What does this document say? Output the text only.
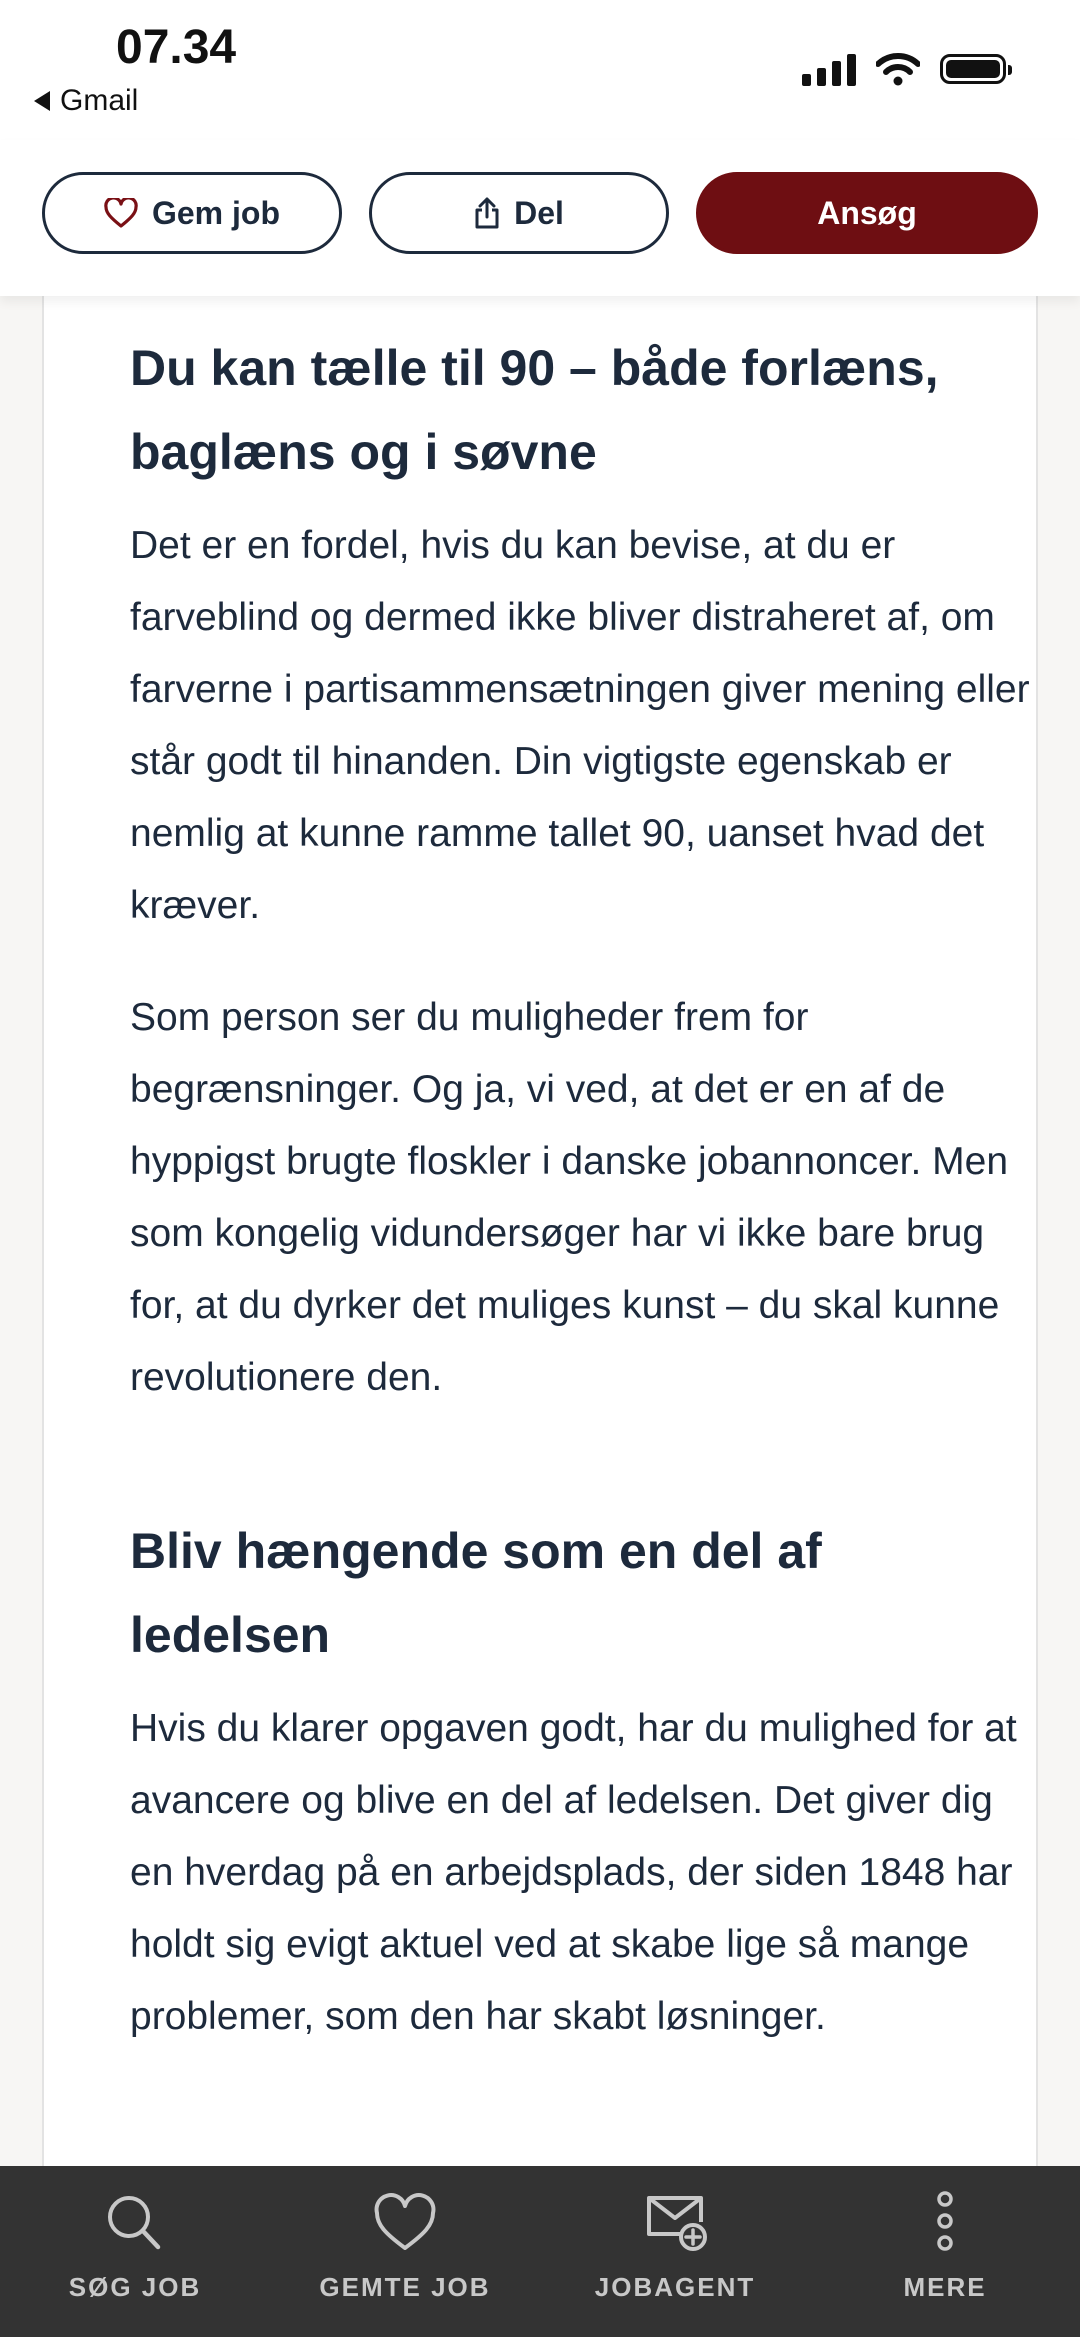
07.34
Gmail
Gem job	Del	Ansøg
Du kan tælle til 90 – både forlæns,
baglæns og i søvne

Det er en fordel, hvis du kan bevise, at du er farveblind og dermed ikke bliver distraheret af, om farverne i partisammensætningen giver mening eller står godt til hinanden. Din vigtigste egenskab er nemlig at kunne ramme tallet 90, uanset hvad det kræver.

Som person ser du muligheder frem for begrænsninger. Og ja, vi ved, at det er en af de hyppigst brugte floskler i danske jobannoncer. Men som kongelig vidundersøger har vi ikke bare brug for, at du dyrker det muliges kunst – du skal kunne revolutionere den.

Bliv hængende som en del af
ledelsen

Hvis du klarer opgaven godt, har du mulighed for at avancere og blive en del af ledelsen. Det giver dig en hverdag på en arbejdsplads, der siden 1848 har holdt sig evigt aktuel ved at skabe lige så mange problemer, som den har skabt løsninger.

SØG JOB	GEMTE JOB	JOBAGENT	MERE
